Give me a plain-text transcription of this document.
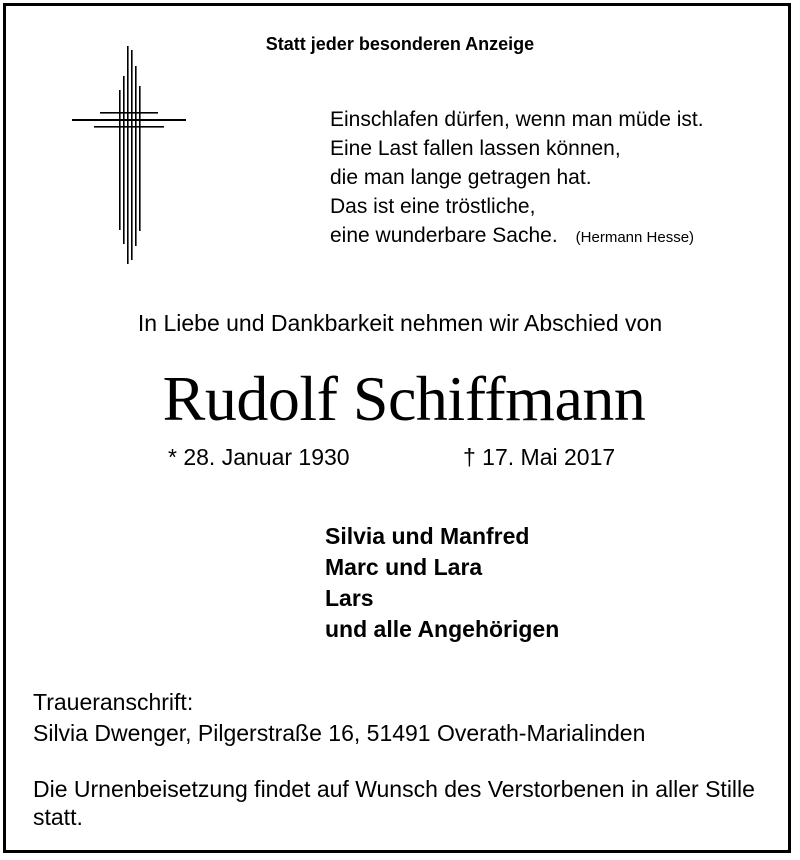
Statt jeder besonderen Anzeige
Einschlafen dürfen, wenn man müde ist.
Eine Last fallen lassen können,
die man lange getragen hat.
Das ist eine tröstliche,
eine wunderbare Sache. (Hermann Hesse)
In Liebe und Dankbarkeit nehmen wir Abschied von
Rudolf Schiffmann
* 28. Januar 1930	† 17. Mai 2017
Silvia und Manfred
Marc und Lara
Lars
und alle Angehörigen
Traueranschrift:
Silvia Dwenger, Pilgerstraße 16, 51491 Overath-Marialinden
Die Urnenbeisetzung findet auf Wunsch des Verstorbenen in aller Stille statt.
